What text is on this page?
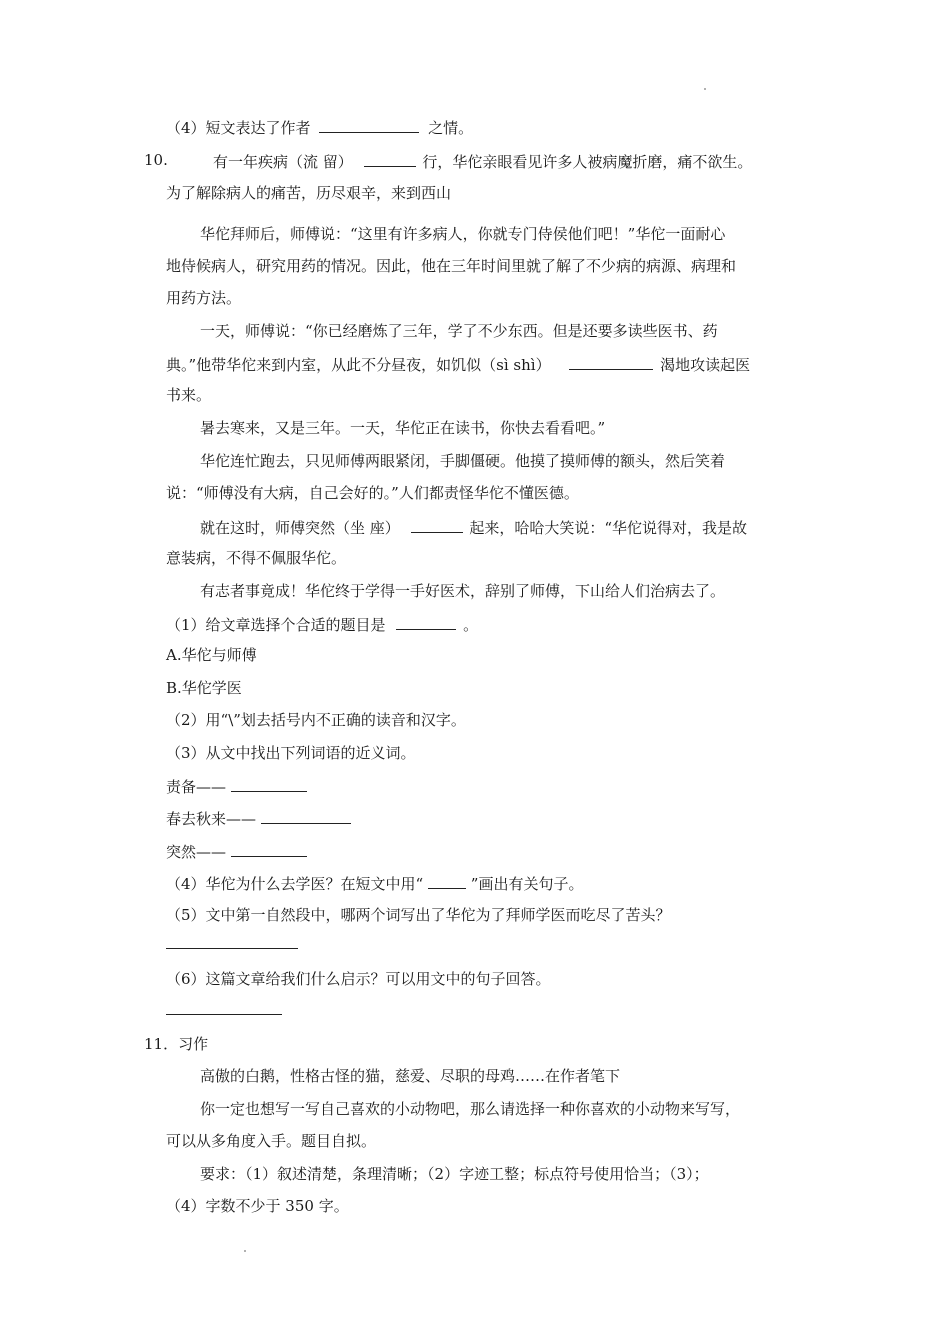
（4）短文表达了作者	之情。
10.	有一年疾病（流 留）	行，华佗亲眼看见许多人被病魔折磨，痛不欲生。
为了解除病人的痛苦，历尽艰辛，来到西山
华佗拜师后，师傅说：“这里有许多病人，你就专门侍侯他们吧！”华佗一面耐心
地侍候病人，研究用药的情况。因此，他在三年时间里就了解了不少病的病源、病理和
用药方法。
一天，师傅说：“你已经磨炼了三年，学了不少东西。但是还要多读些医书、药
典。”他带华佗来到内室，从此不分昼夜，如饥似（sì shì）	渴地攻读起医
书来。
暑去寒来，又是三年。一天，华佗正在读书，你快去看看吧。”
华佗连忙跑去，只见师傅两眼紧闭，手脚僵硬。他摸了摸师傅的额头，然后笑着
说：“师傅没有大病，自己会好的。”人们都责怪华佗不懂医德。
就在这时，师傅突然（坐 座）	起来，哈哈大笑说：“华佗说得对，我是故
意装病，不得不佩服华佗。
有志者事竟成！华佗终于学得一手好医术，辞别了师傅，下山给人们治病去了。
（1）给文章选择个合适的题目是	。
A.华佗与师傅
B.华佗学医
（2）用“\”划去括号内不正确的读音和汉字。
（3）从文中找出下列词语的近义词。
责备——
春去秋来——
突然——
（4）华佗为什么去学医？在短文中用“	”画出有关句子。
（5）文中第一自然段中，哪两个词写出了华佗为了拜师学医而吃尽了苦头？
（6）这篇文章给我们什么启示？可以用文中的句子回答。
11．习作
高傲的白鹅，性格古怪的猫，慈爱、尽职的母鸡……在作者笔下
你一定也想写一写自己喜欢的小动物吧，那么请选择一种你喜欢的小动物来写写，
可以从多角度入手。题目自拟。
要求：（1）叙述清楚，条理清晰；（2）字迹工整；标点符号使用恰当；（3）；
（4）字数不少于 350 字。
